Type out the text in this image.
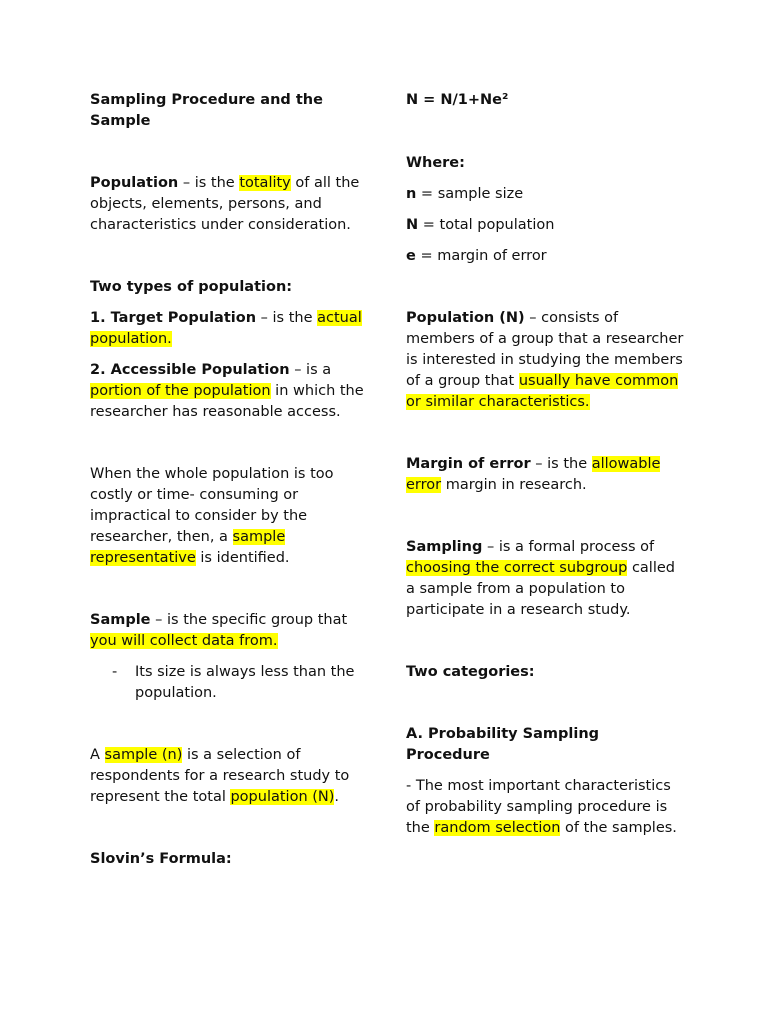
Sampling Procedure and the Sample

Population – is the totality of all the objects, elements, persons, and characteristics under consideration.

Two types of population:

1. Target Population – is the actual population.

2. Accessible Population – is a portion of the population in which the researcher has reasonable access.

When the whole population is too costly or time- consuming or impractical to consider by the researcher, then, a sample representative is identified.

Sample – is the specific group that you will collect data from.

- Its size is always less than the population.

A sample (n) is a selection of respondents for a research study to represent the total population (N).

Slovin’s Formula:

N = N/1+Ne²

Where:

n = sample size

N = total population

e = margin of error

Population (N) – consists of members of a group that a researcher is interested in studying the members of a group that usually have common or similar characteristics.

Margin of error – is the allowable error margin in research.

Sampling – is a formal process of choosing the correct subgroup called a sample from a population to participate in a research study.

Two categories:

A. Probability Sampling Procedure

- The most important characteristics of probability sampling procedure is the random selection of the samples.
